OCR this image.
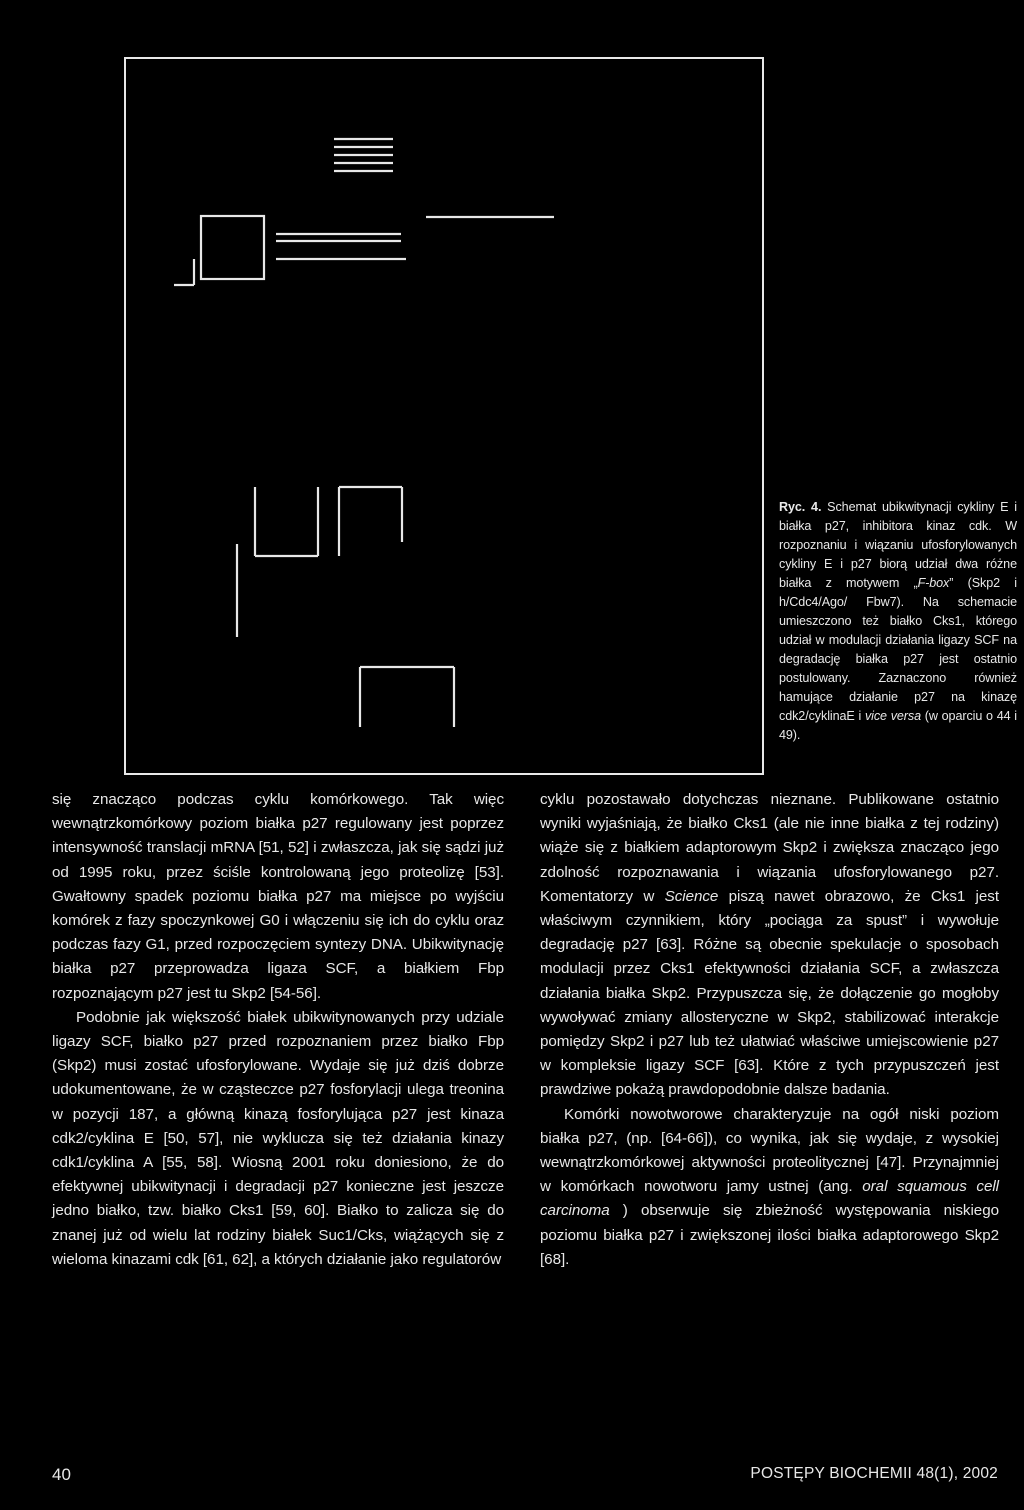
Ryc. 4. Schemat ubikwitynacji cykliny E i białka p27, inhibitora kinaz cdk. W rozpoznaniu i wiązaniu ufosforylowanych cykliny E i p27 biorą udział dwa różne białka z motywem „F-box” (Skp2 i h/Cdc4/Ago/ Fbw7). Na schemacie umieszczono też białko Cks1, którego udział w modulacji działania ligazy SCF na degradację białka p27 jest ostatnio postulowany. Zaznaczono również hamujące działanie p27 na kinazę cdk2/cyklinaE i vice versa (w oparciu o 44 i 49).

się znacząco podczas cyklu komórkowego. Tak więc wewnątrzkomórkowy poziom białka p27 regulowany jest poprzez intensywność translacji mRNA [51, 52] i zwłaszcza, jak się sądzi już od 1995 roku, przez ściśle kontrolowaną jego proteolizę [53]. Gwałtowny spadek poziomu białka p27 ma miejsce po wyjściu komórek z fazy spoczynkowej G0 i włączeniu się ich do cyklu oraz podczas fazy G1, przed rozpoczęciem syntezy DNA. Ubikwitynację białka p27 przeprowadza ligaza SCF, a białkiem Fbp rozpoznającym p27 jest tu Skp2 [54-56].

Podobnie jak większość białek ubikwitynowanych przy udziale ligazy SCF, białko p27 przed rozpoznaniem przez białko Fbp (Skp2) musi zostać ufosforylowane. Wydaje się już dziś dobrze udokumentowane, że w cząsteczce p27 fosforylacji ulega treonina w pozycji 187, a główną kinazą fosforylująca p27 jest kinaza cdk2/cyklina E [50, 57], nie wyklucza się też działania kinazy cdk1/cyklina A [55, 58]. Wiosną 2001 roku doniesiono, że do efektywnej ubikwitynacji i degradacji p27 konieczne jest jeszcze jedno białko, tzw. białko Cks1 [59, 60]. Białko to zalicza się do znanej już od wielu lat rodziny białek Suc1/Cks, wiążących się z wieloma kinazami cdk [61, 62], a których działanie jako regulatorów

cyklu pozostawało dotychczas nieznane. Publikowane ostatnio wyniki wyjaśniają, że białko Cks1 (ale nie inne białka z tej rodziny) wiąże się z białkiem adaptorowym Skp2 i zwiększa znacząco jego zdolność rozpoznawania i wiązania ufosforylowanego p27. Komentatorzy w Science piszą nawet obrazowo, że Cks1 jest właściwym czynnikiem, który „pociąga za spust” i wywołuje degradację p27 [63]. Różne są obecnie spekulacje o sposobach modulacji przez Cks1 efektywności działania SCF, a zwłaszcza działania białka Skp2. Przypuszcza się, że dołączenie go mogłoby wywoływać zmiany allosteryczne w Skp2, stabilizować interakcje pomiędzy Skp2 i p27 lub też ułatwiać właściwe umiejscowienie p27 w kompleksie ligazy SCF [63]. Które z tych przypuszczeń jest prawdziwe pokażą prawdopodobnie dalsze badania.

Komórki nowotworowe charakteryzuje na ogół niski poziom białka p27, (np. [64-66]), co wynika, jak się wydaje, z wysokiej wewnątrzkomórkowej aktywności proteolitycznej [47]. Przynajmniej w komórkach nowotworu jamy ustnej (ang. oral squamous cell carcinoma ) obserwuje się zbieżność występowania niskiego poziomu białka p27 i zwiększonej ilości białka adaptorowego Skp2 [68].

40	POSTĘPY BIOCHEMII 48(1), 2002
